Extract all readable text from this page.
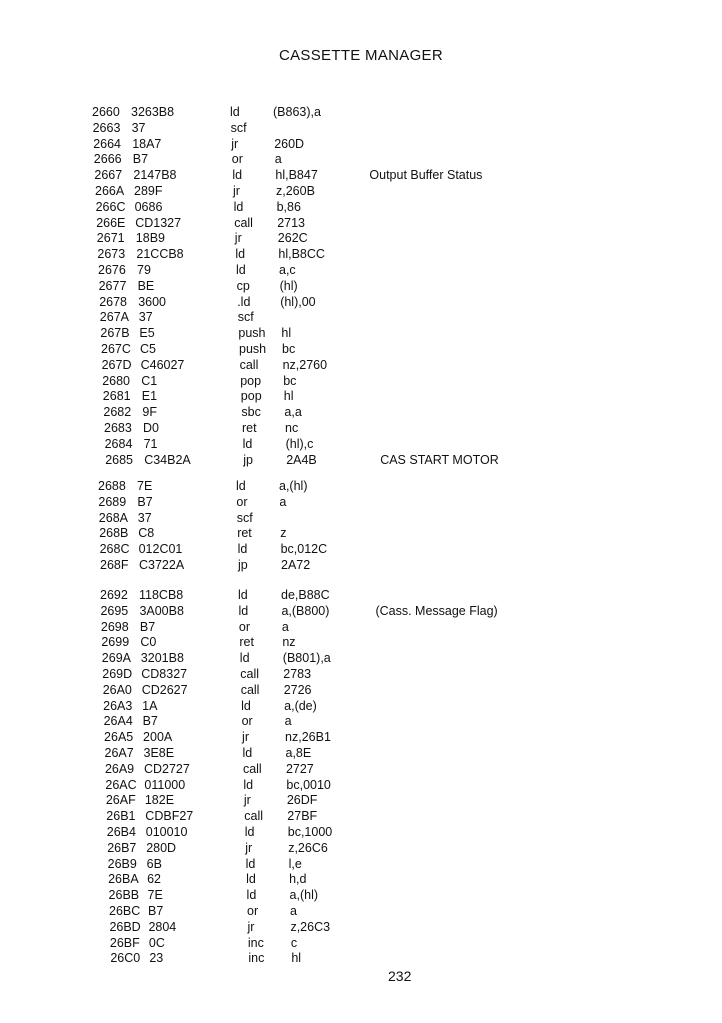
CASSETTE MANAGER
2660 3263B8	ld	(B863),a
2663 37	scf
2664 18A7	jr	260D
2666 B7	or	a
2667 2147B8	ld	hl,B847	Output Buffer Status
266A 289F	jr	z,260B
266C 0686	ld	b,86
266E CD1327	call 2713
2671 18B9	jr	262C
2673 21CCB8	ld	hl,B8CC
2676 79	ld	a,c
2677 BE	cp (hl)
2678 3600	.ld (hl),00
267A 37	scf
267B E5	push hl
267C C5	push bc
267D C46027	call nz,2760
2680 C1	pop bc
2681 E1	pop hl
2682 9F	sbc a,a
2683 D0	ret nc
2684 71	ld	(hl),c
2685 C34B2A	jp	2A4B	CAS START MOTOR
2688 7E	ld	a,(hl)
2689 B7	or	a
268A 37	scf
268B C8	ret z
268C 012C01	ld	bc,012C
268F C3722A	jp	2A72
2692 118CB8	ld	de,B88C
2695 3A00B8	ld	a,(B800)	(Cass. Message Flag)
2698 B7	or	a
2699 C0	ret nz
269A 3201B8	ld	(B801),a
269D CD8327	call 2783
26A0 CD2627	call 2726
26A3 1A	ld	a,(de)
26A4 B7	or	a
26A5 200A	jr	nz,26B1
26A7 3E8E	ld	a,8E
26A9 CD2727	call 2727
26AC 011000	ld	bc,0010
26AF 182E	jr	26DF
26B1 CDBF27	call 27BF
26B4 010010	ld	bc,1000
26B7 280D	jr	z,26C6
26B9 6B	ld	l,e
26BA 62	ld	h,d
26BB 7E	ld	a,(hl)
26BC B7	or	a
26BD 2804	jr	z,26C3
26BF 0C	inc c
26C0 23	inc hl
232
